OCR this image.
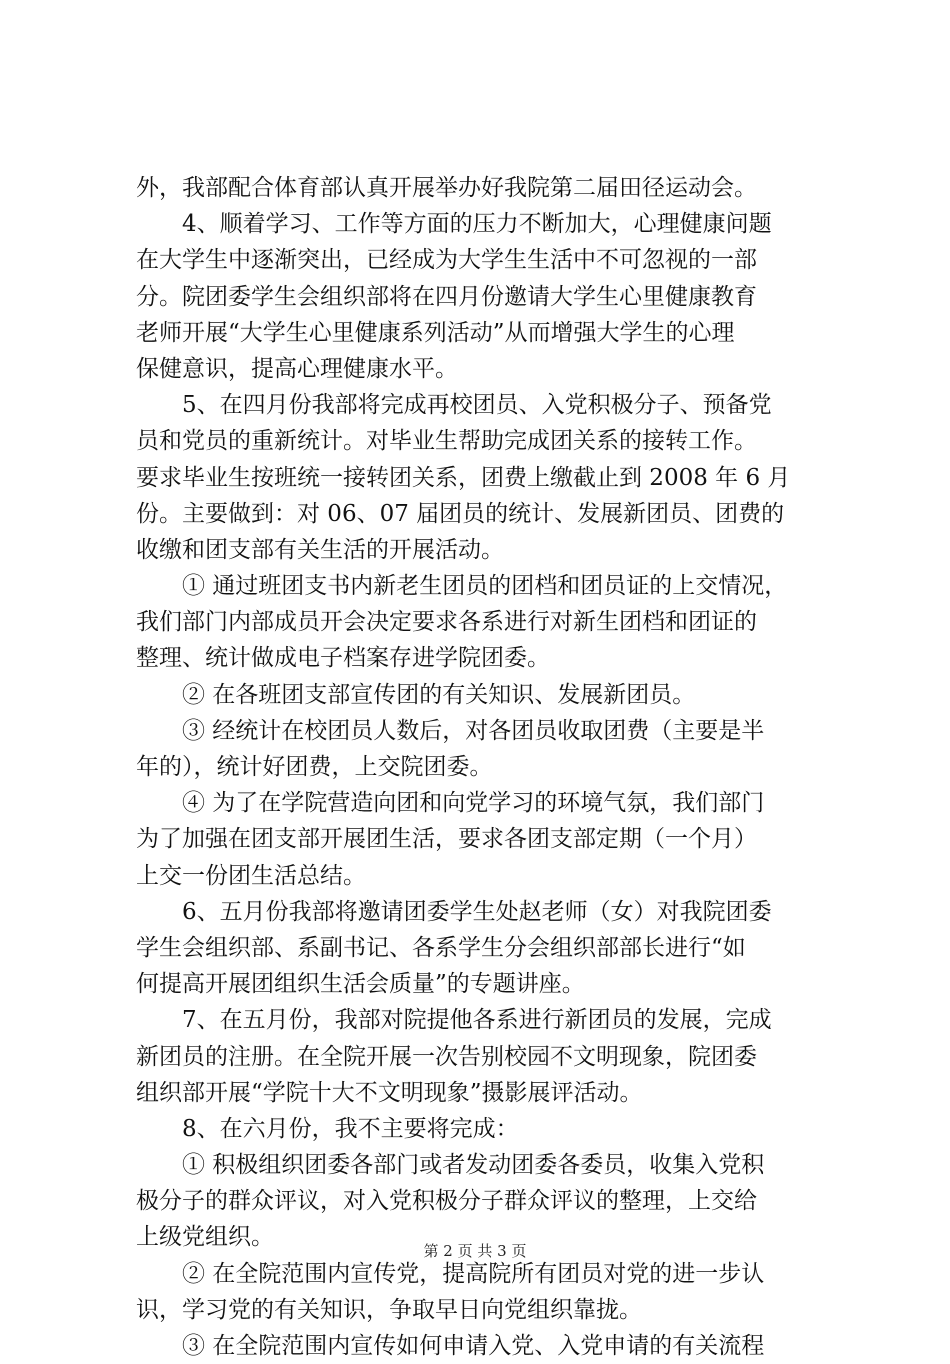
外，我部配合体育部认真开展举办好我院第二届田径运动会。
4、顺着学习、工作等方面的压力不断加大，心理健康问题
在大学生中逐渐突出，已经成为大学生生活中不可忽视的一部
分。院团委学生会组织部将在四月份邀请大学生心里健康教育
老师开展“大学生心里健康系列活动”从而增强大学生的心理
保健意识，提高心理健康水平。
5、在四月份我部将完成再校团员、入党积极分子、预备党
员和党员的重新统计。对毕业生帮助完成团关系的接转工作。
要求毕业生按班统一接转团关系，团费上缴截止到 2008 年 6 月
份。主要做到：对 06、07 届团员的统计、发展新团员、团费的
收缴和团支部有关生活的开展活动。
① 通过班团支书内新老生团员的团档和团员证的上交情况，
我们部门内部成员开会决定要求各系进行对新生团档和团证的
整理、统计做成电子档案存进学院团委。
② 在各班团支部宣传团的有关知识、发展新团员。
③ 经统计在校团员人数后，对各团员收取团费（主要是半
年的），统计好团费，上交院团委。
④ 为了在学院营造向团和向党学习的环境气氛，我们部门
为了加强在团支部开展团生活，要求各团支部定期（一个月）
上交一份团生活总结。
6、五月份我部将邀请团委学生处赵老师（女）对我院团委
学生会组织部、系副书记、各系学生分会组织部部长进行“如
何提高开展团组织生活会质量”的专题讲座。
7、在五月份，我部对院提他各系进行新团员的发展，完成
新团员的注册。在全院开展一次告别校园不文明现象，院团委
组织部开展“学院十大不文明现象”摄影展评活动。
8、在六月份，我不主要将完成：
① 积极组织团委各部门或者发动团委各委员，收集入党积
极分子的群众评议，对入党积极分子群众评议的整理，上交给
上级党组织。
② 在全院范围内宣传党，提高院所有团员对党的进一步认
识，学习党的有关知识，争取早日向党组织靠拢。
③ 在全院范围内宣传如何申请入党、入党申请的有关流程
第 2 页 共 3 页
